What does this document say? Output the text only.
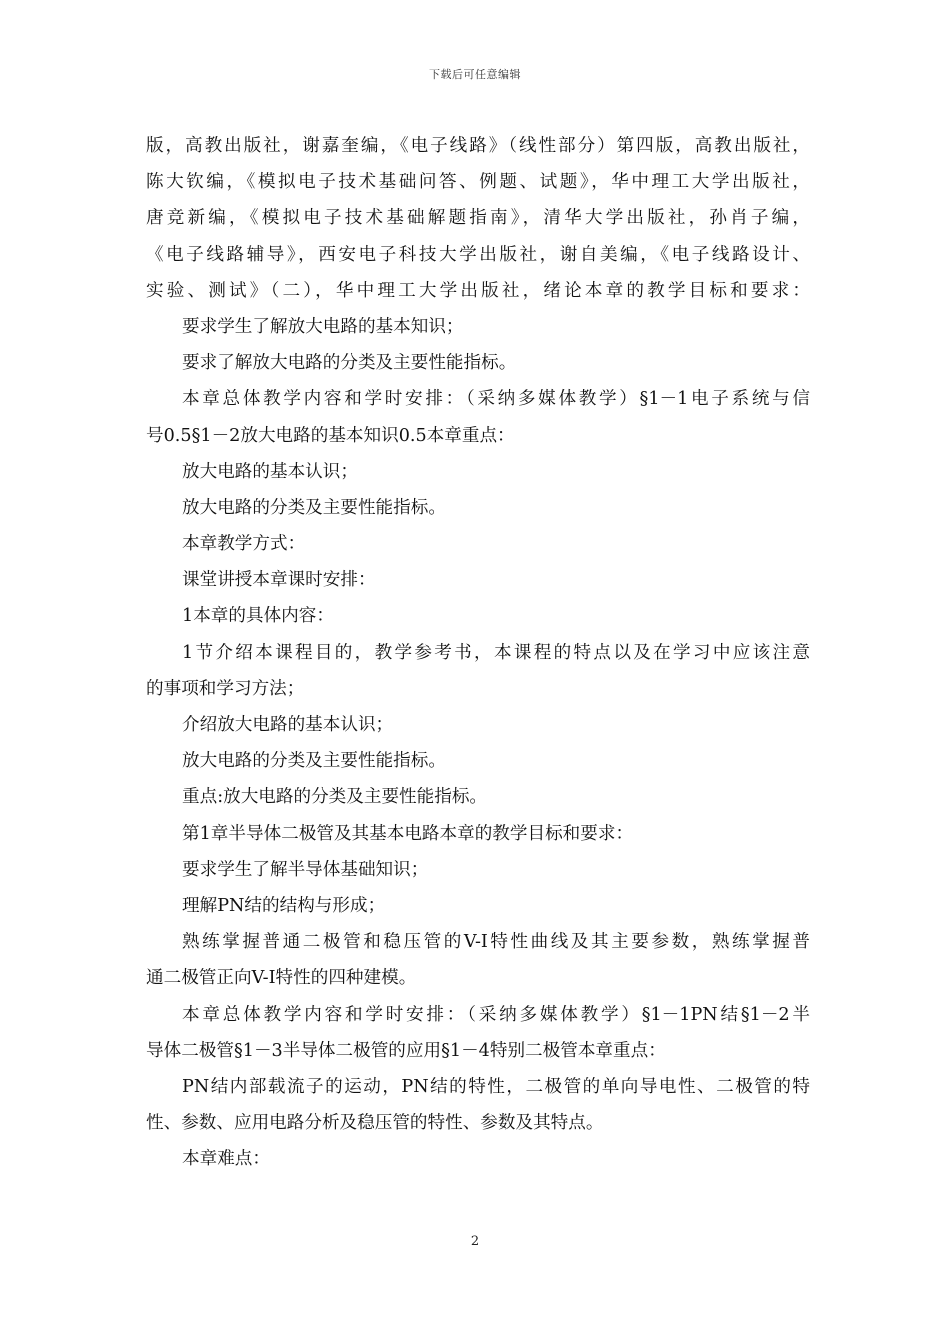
下载后可任意编辑
版，高教出版社，谢嘉奎编，《电子线路》（线性部分）第四版，高教出版社，
陈大钦编，《模拟电子技术基础问答、例题、试题》，华中理工大学出版社，
唐竞新编，《模拟电子技术基础解题指南》，清华大学出版社，孙肖子编，
《电子线路辅导》，西安电子科技大学出版社，谢自美编，《电子线路设计、
实验、测试》（二），华中理工大学出版社，绪论本章的教学目标和要求：
要求学生了解放大电路的基本知识；
要求了解放大电路的分类及主要性能指标。
本章总体教学内容和学时安排：（采纳多媒体教学）§1－1电子系统与信
号0.5§1－2放大电路的基本知识0.5本章重点：
放大电路的基本认识；
放大电路的分类及主要性能指标。
本章教学方式：
课堂讲授本章课时安排：
1本章的具体内容：
1节介绍本课程目的，教学参考书，本课程的特点以及在学习中应该注意
的事项和学习方法；
介绍放大电路的基本认识；
放大电路的分类及主要性能指标。
重点:放大电路的分类及主要性能指标。
第1章半导体二极管及其基本电路本章的教学目标和要求：
要求学生了解半导体基础知识；
理解PN结的结构与形成；
熟练掌握普通二极管和稳压管的V-I特性曲线及其主要参数，熟练掌握普
通二极管正向V-I特性的四种建模。
本章总体教学内容和学时安排：（采纳多媒体教学）§1－1PN结§1－2半
导体二极管§1－3半导体二极管的应用§1－4特别二极管本章重点：
PN结内部载流子的运动，PN结的特性，二极管的单向导电性、二极管的特
性、参数、应用电路分析及稳压管的特性、参数及其特点。
本章难点：
2
